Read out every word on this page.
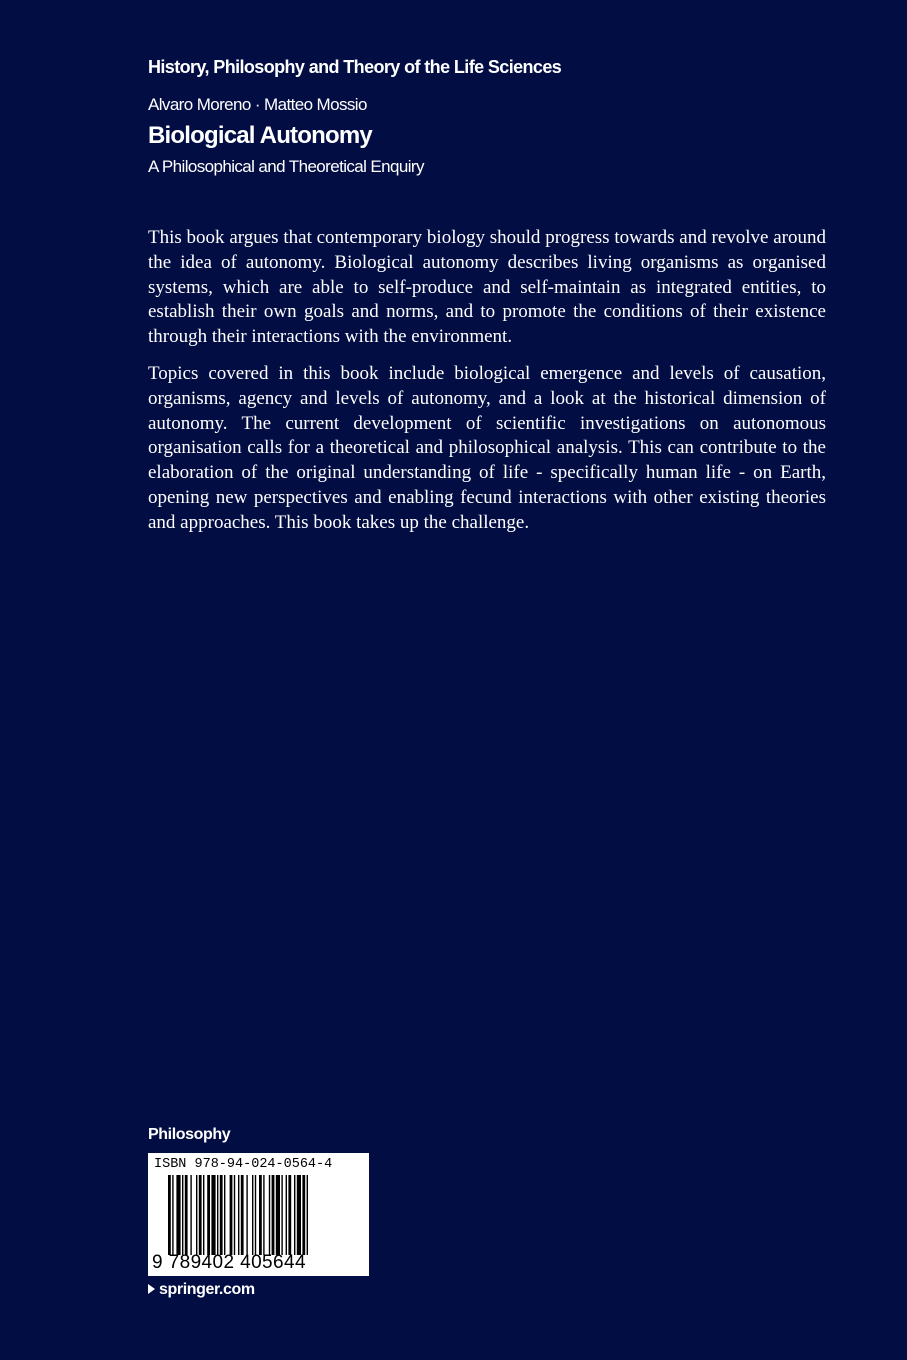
History, Philosophy and Theory of the Life Sciences
Alvaro Moreno · Matteo Mossio
Biological Autonomy
A Philosophical and Theoretical Enquiry

This book argues that contemporary biology should progress towards and revolve around the idea of autonomy. Biological autonomy describes living organisms as organised systems, which are able to self-produce and self-maintain as integrated entities, to establish their own goals and norms, and to promote the conditions of their existence through their interactions with the environment.

Topics covered in this book include biological emergence and levels of causation, organisms, agency and levels of autonomy, and a look at the historical dimension of autonomy. The current development of scientific investigations on autonomous organisation calls for a theoretical and philosophical analysis. This can contribute to the elaboration of the original understanding of life - specifically human life - on Earth, opening new perspectives and enabling fecund interactions with other existing theories and approaches. This book takes up the challenge.

Philosophy
ISBN 978-94-024-0564-4
9 789402 405644
springer.com
